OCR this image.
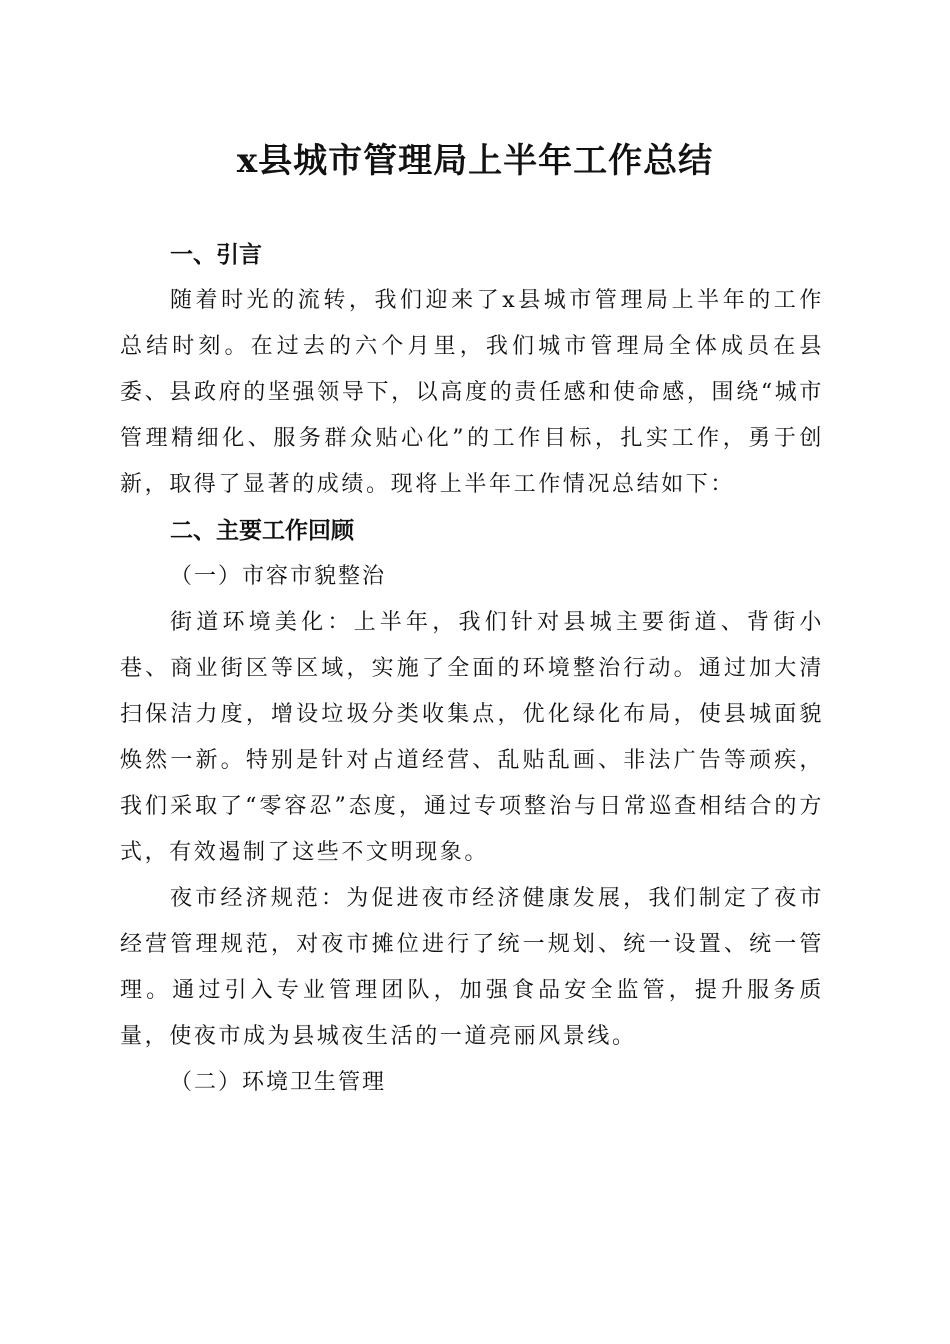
x县城市管理局上半年工作总结

一、引言

随着时光的流转，我们迎来了x县城市管理局上半年的工作总结时刻。在过去的六个月里，我们城市管理局全体成员在县委、县政府的坚强领导下，以高度的责任感和使命感，围绕“城市管理精细化、服务群众贴心化”的工作目标，扎实工作，勇于创新，取得了显著的成绩。现将上半年工作情况总结如下：

二、主要工作回顾

（一）市容市貌整治

街道环境美化：上半年，我们针对县城主要街道、背街小巷、商业街区等区域，实施了全面的环境整治行动。通过加大清扫保洁力度，增设垃圾分类收集点，优化绿化布局，使县城面貌焕然一新。特别是针对占道经营、乱贴乱画、非法广告等顽疾，我们采取了“零容忍”态度，通过专项整治与日常巡查相结合的方式，有效遏制了这些不文明现象。

夜市经济规范：为促进夜市经济健康发展，我们制定了夜市经营管理规范，对夜市摊位进行了统一规划、统一设置、统一管理。通过引入专业管理团队，加强食品安全监管，提升服务质量，使夜市成为县城夜生活的一道亮丽风景线。

（二）环境卫生管理
